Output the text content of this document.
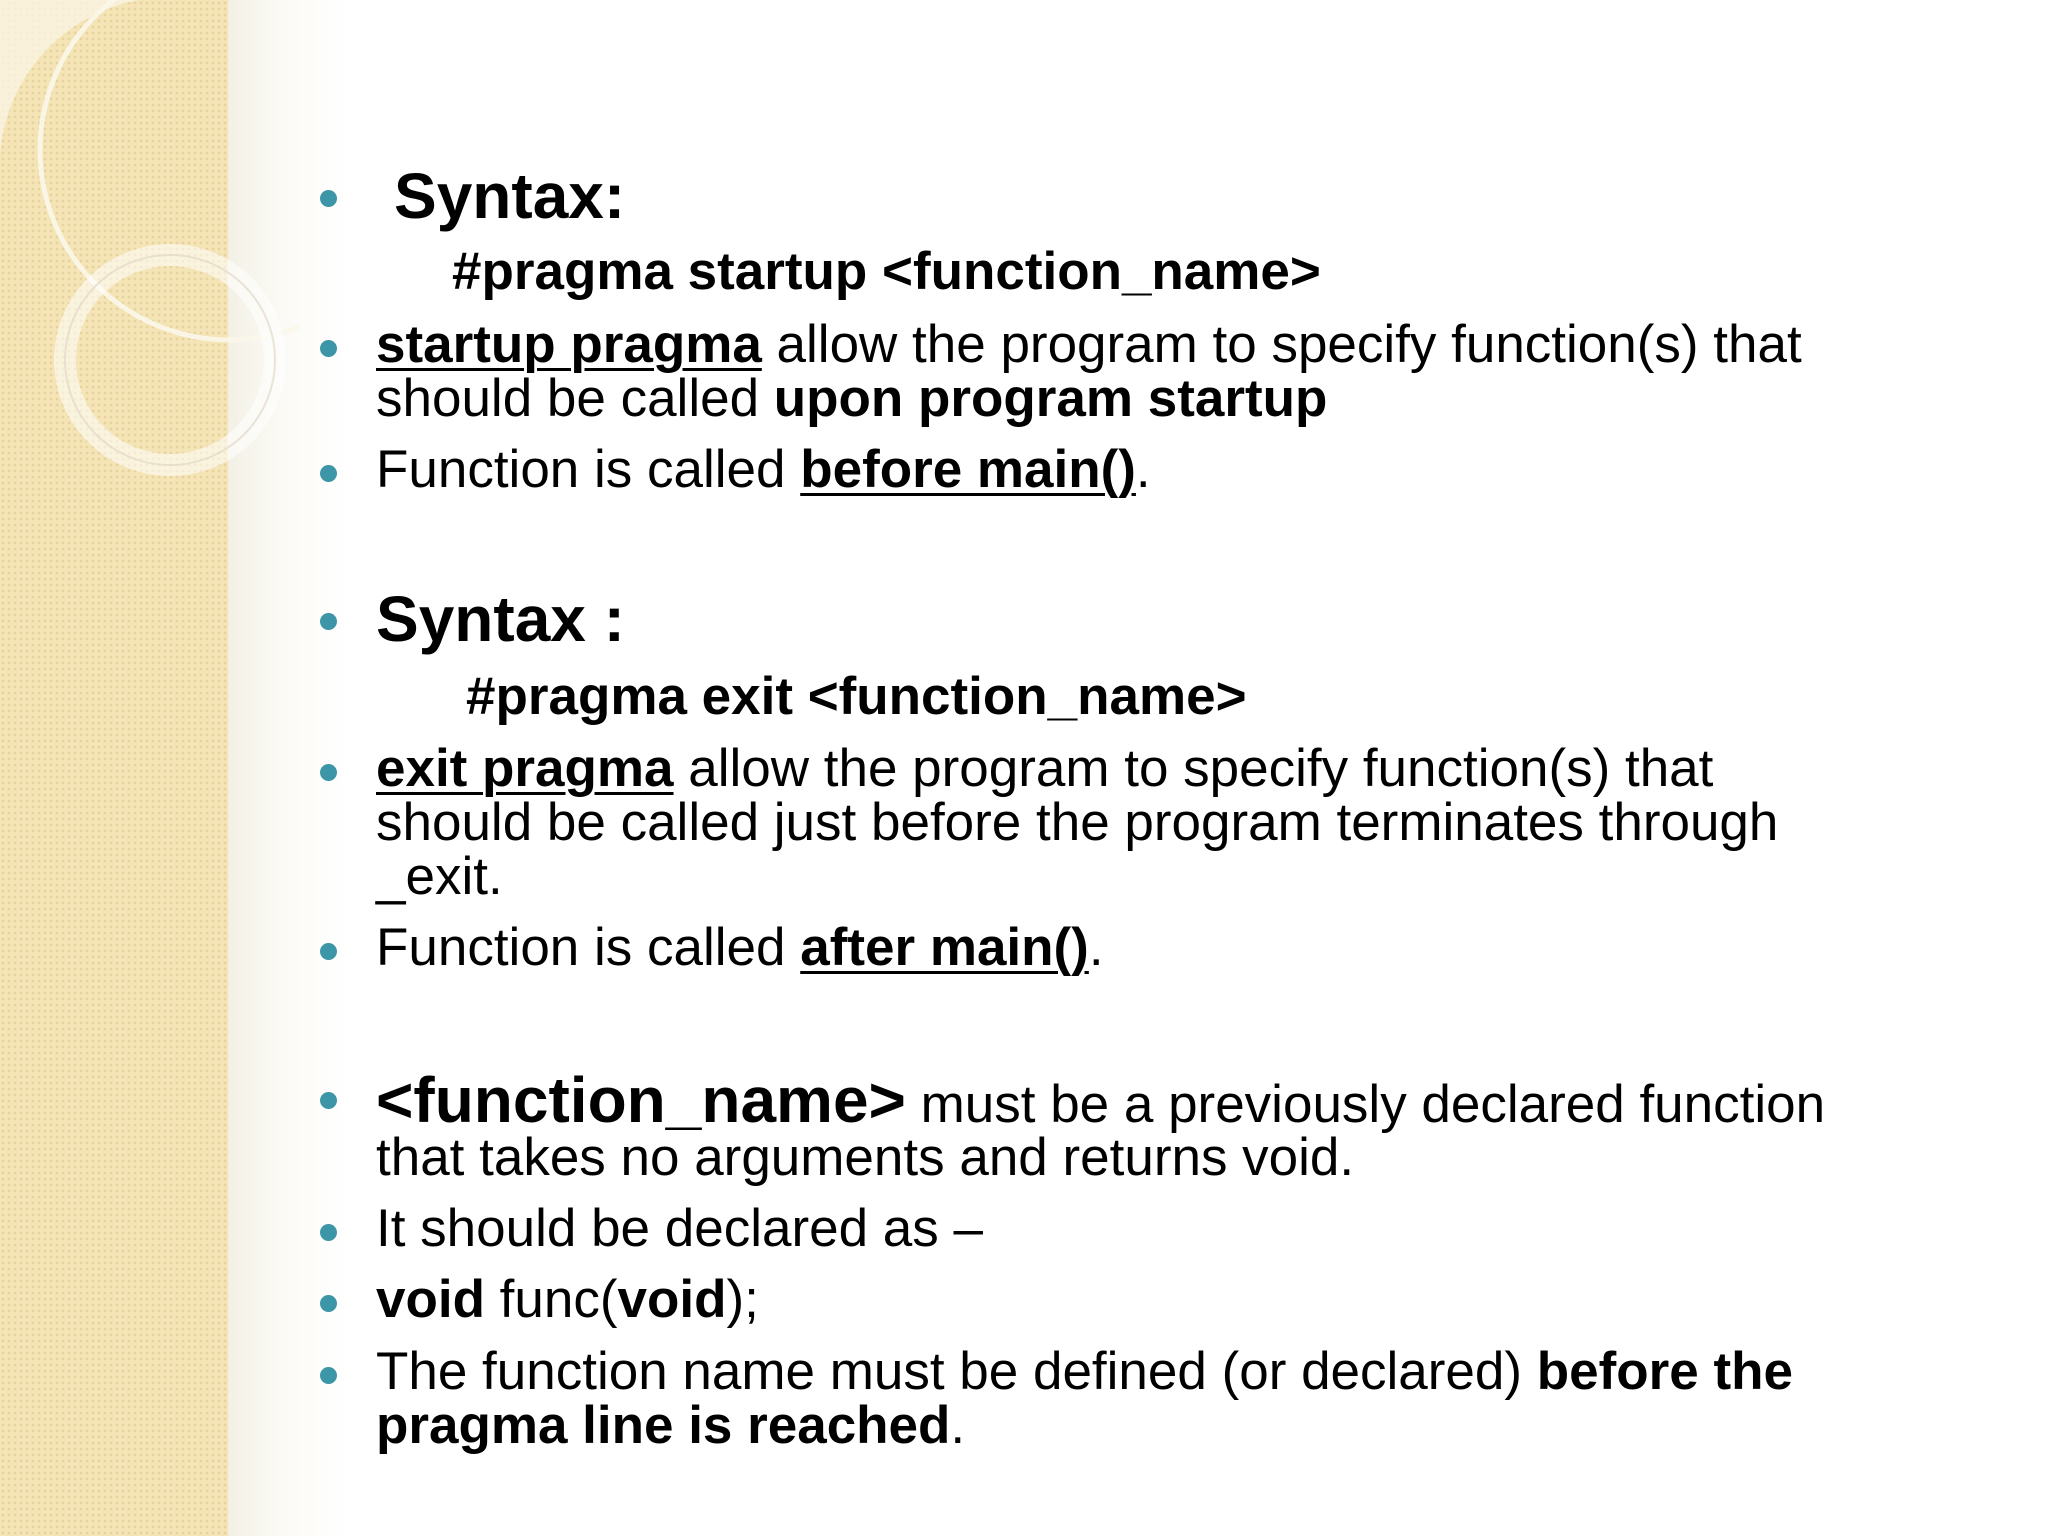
Syntax:
#pragma startup <function_name>
startup pragma allow the program to specify function(s) that
should be called upon program startup
Function is called before main().
Syntax :
#pragma exit <function_name>
exit pragma allow the program to specify function(s) that
should be called just before the program terminates through
_exit.
Function is called after main().
<function_name> must be a previously declared function
that takes no arguments and returns void.
It should be declared as –
void func(void);
The function name must be defined (or declared) before the
pragma line is reached.
